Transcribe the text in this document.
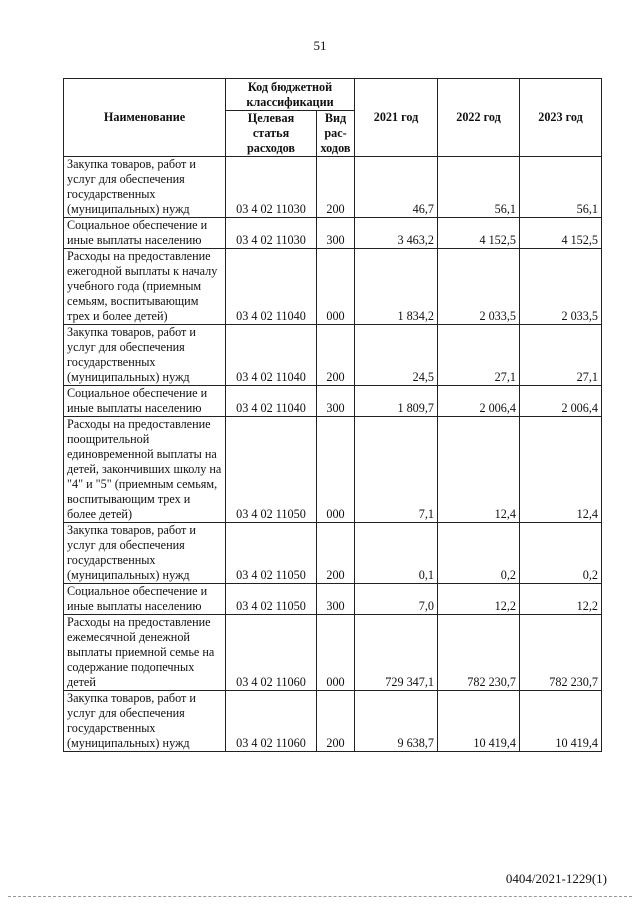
51
Наименование	Код бюджетной классификации		2021 год	2022 год	2023 год
	Целевая статья расходов	Вид рас-ходов			
Закупка товаров, работ и услуг для обеспечения государственных (муниципальных) нужд	03 4 02 11030	200	46,7	56,1	56,1
Социальное обеспечение и иные выплаты населению	03 4 02 11030	300	3 463,2	4 152,5	4 152,5
Расходы на предоставление ежегодной выплаты к началу учебного года (приемным семьям, воспитывающим трех и более детей)	03 4 02 11040	000	1 834,2	2 033,5	2 033,5
Закупка товаров, работ и услуг для обеспечения государственных (муниципальных) нужд	03 4 02 11040	200	24,5	27,1	27,1
Социальное обеспечение и иные выплаты населению	03 4 02 11040	300	1 809,7	2 006,4	2 006,4
Расходы на предоставление поощрительной единовременной выплаты на детей, закончивших школу на "4" и "5" (приемным семьям, воспитывающим трех и более детей)	03 4 02 11050	000	7,1	12,4	12,4
Закупка товаров, работ и услуг для обеспечения государственных (муниципальных) нужд	03 4 02 11050	200	0,1	0,2	0,2
Социальное обеспечение и иные выплаты населению	03 4 02 11050	300	7,0	12,2	12,2
Расходы на предоставление ежемесячной денежной выплаты приемной семье на содержание подопечных детей	03 4 02 11060	000	729 347,1	782 230,7	782 230,7
Закупка товаров, работ и услуг для обеспечения государственных (муниципальных) нужд	03 4 02 11060	200	9 638,7	10 419,4	10 419,4
0404/2021-1229(1)
